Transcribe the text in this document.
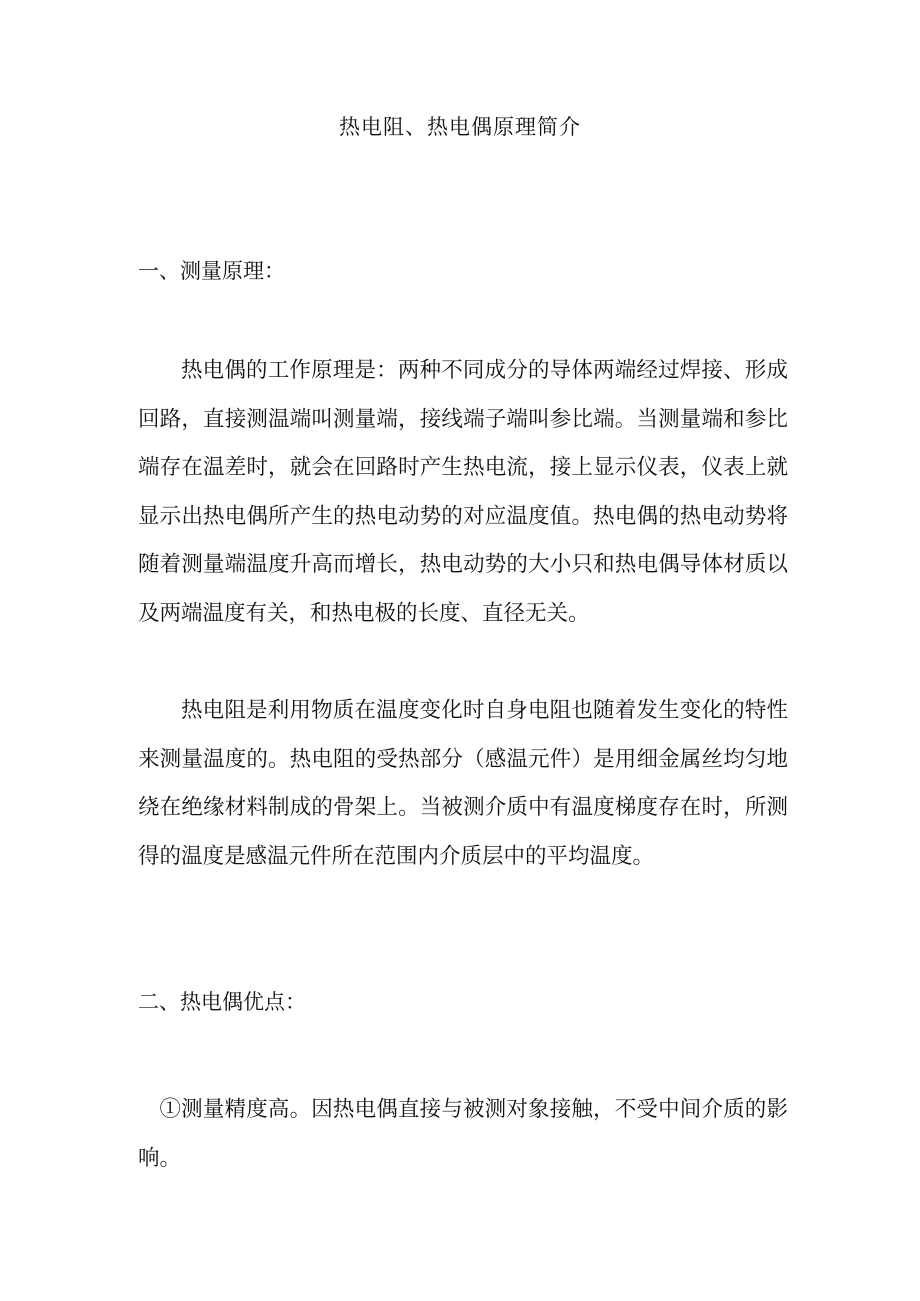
热电阻、热电偶原理简介
一、测量原理：

热电偶的工作原理是：两种不同成分的导体两端经过焊接、形成回路，直接测温端叫测量端，接线端子端叫参比端。当测量端和参比端存在温差时，就会在回路时产生热电流，接上显示仪表，仪表上就显示出热电偶所产生的热电动势的对应温度值。热电偶的热电动势将随着测量端温度升高而增长，热电动势的大小只和热电偶导体材质以及两端温度有关，和热电极的长度、直径无关。

热电阻是利用物质在温度变化时自身电阻也随着发生变化的特性来测量温度的。热电阻的受热部分（感温元件）是用细金属丝均匀地绕在绝缘材料制成的骨架上。当被测介质中有温度梯度存在时，所测得的温度是感温元件所在范围内介质层中的平均温度。

二、热电偶优点：

①测量精度高。因热电偶直接与被测对象接触，不受中间介质的影响。
